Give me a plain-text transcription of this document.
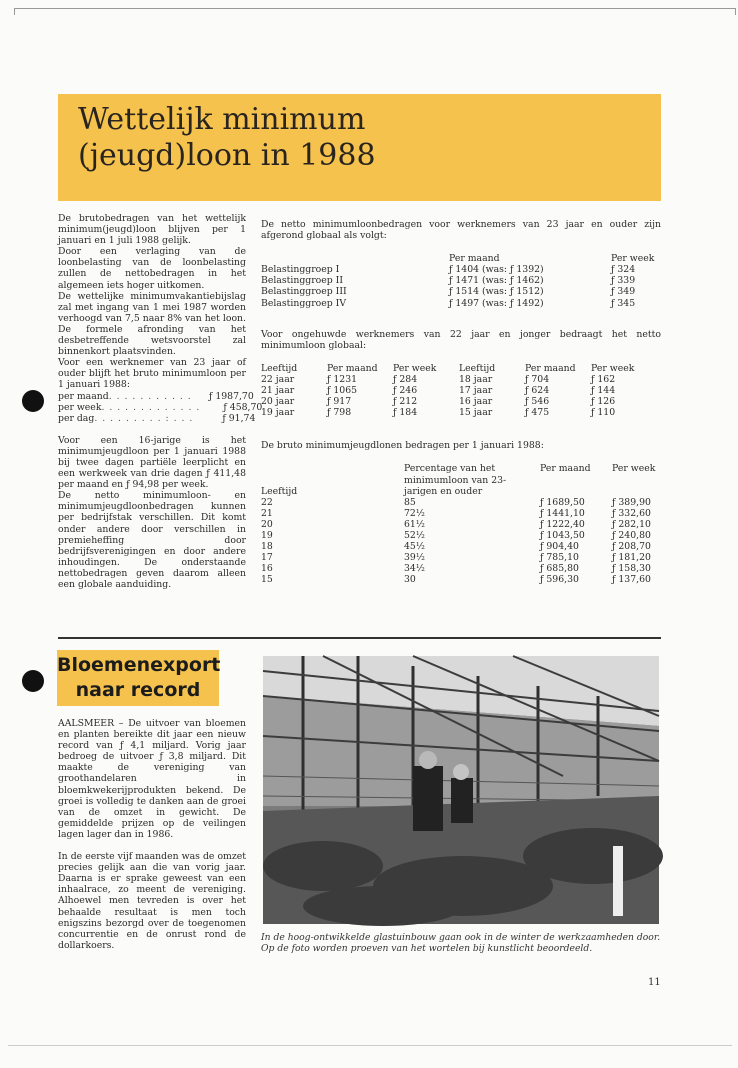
Wettelijk minimum
(jeugd)loon in 1988

De brutobedragen van het wettelijk minimum(jeugd)loon blijven per 1 januari en 1 juli 1988 gelijk.

Door een verlaging van de loonbelasting van de loonbelasting zullen de nettobedragen in het algemeen iets hoger uitkomen.

De wettelijke minimumvakantiebijslag zal met ingang van 1 mei 1987 worden verhoogd van 7,5 naar 8% van het loon. De formele afronding van het desbetreffende wetsvoorstel zal binnenkort plaatsvinden.

Voor een werknemer van 23 jaar of ouder blijft het bruto minimumloon per 1 januari 1988:

per maand . . . . . . . . . . .	ƒ 1987,70
per week . . . . . . . . . . . . .	ƒ 458,70
per dag . . . . . . . . . : . . .	ƒ 91,74

Voor een 16-jarige is het minimumjeugdloon per 1 januari 1988 bij twee dagen partiële leerplicht en een werkweek van drie dagen ƒ 411,48 per maand en ƒ 94,98 per week.

De netto minimumloon- en minimumjeugdloonbedragen kunnen per bedrijfstak verschillen. Dit komt onder andere door verschillen in premieheffing door bedrijfsverenigingen en door andere inhoudingen. De onderstaande nettobedragen geven daarom alleen een globale aanduiding.

De netto minimumloonbedragen voor werknemers van 23 jaar en ouder zijn afgerond globaal als volgt:

	Per maand	Per week
Belastinggroep I	ƒ 1404 (was: ƒ 1392)	ƒ 324
Belastinggroep II	ƒ 1471 (was: ƒ 1462)	ƒ 339
Belastinggroep III	ƒ 1514 (was: ƒ 1512)	ƒ 349
Belastinggroep IV	ƒ 1497 (was: ƒ 1492)	ƒ 345

Voor ongehuwde werknemers van 22 jaar en jonger bedraagt het netto minimumloon globaal:

Leeftijd	Per maand	Per week	Leeftijd	Per maand	Per week
22 jaar	ƒ 1231	ƒ 284	18 jaar	ƒ 704	ƒ 162
21 jaar	ƒ 1065	ƒ 246	17 jaar	ƒ 624	ƒ 144
20 jaar	ƒ 917	ƒ 212	16 jaar	ƒ 546	ƒ 126
19 jaar	ƒ 798	ƒ 184	15 jaar	ƒ 475	ƒ 110

De bruto minimumjeugdlonen bedragen per 1 januari 1988:

Leeftijd	Percentage van het minimumloon van 23-jarigen en ouder	Per maand	Per week
22	85	ƒ 1689,50	ƒ 389,90
21	72½	ƒ 1441,10	ƒ 332,60
20	61½	ƒ 1222,40	ƒ 282,10
19	52½	ƒ 1043,50	ƒ 240,80
18	45½	ƒ 904,40	ƒ 208,70
17	39½	ƒ 785,10	ƒ 181,20
16	34½	ƒ 685,80	ƒ 158,30
15	30	ƒ 596,30	ƒ 137,60
Bloemenexport
naar record

AALSMEER – De uitvoer van bloemen en planten bereikte dit jaar een nieuw record van ƒ 4,1 miljard. Vorig jaar bedroeg de uitvoer ƒ 3,8 miljard. Dit maakte de vereniging van groothandelaren in bloemkwekerijprodukten bekend. De groei is volledig te danken aan de groei van de omzet in gewicht. De gemiddelde prijzen op de veilingen lagen lager dan in 1986.

In de eerste vijf maanden was de omzet precies gelijk aan die van vorig jaar. Daarna is er sprake geweest van een inhaalrace, zo meent de vereniging. Alhoewel men tevreden is over het behaalde resultaat is men toch enigszins bezorgd over de toegenomen concurrentie en de onrust rond de dollarkoers.

In de hoog-ontwikkelde glastuinbouw gaan ook in de winter de werkzaamheden door. Op de foto worden proeven van het wortelen bij kunstlicht beoordeeld.
11
